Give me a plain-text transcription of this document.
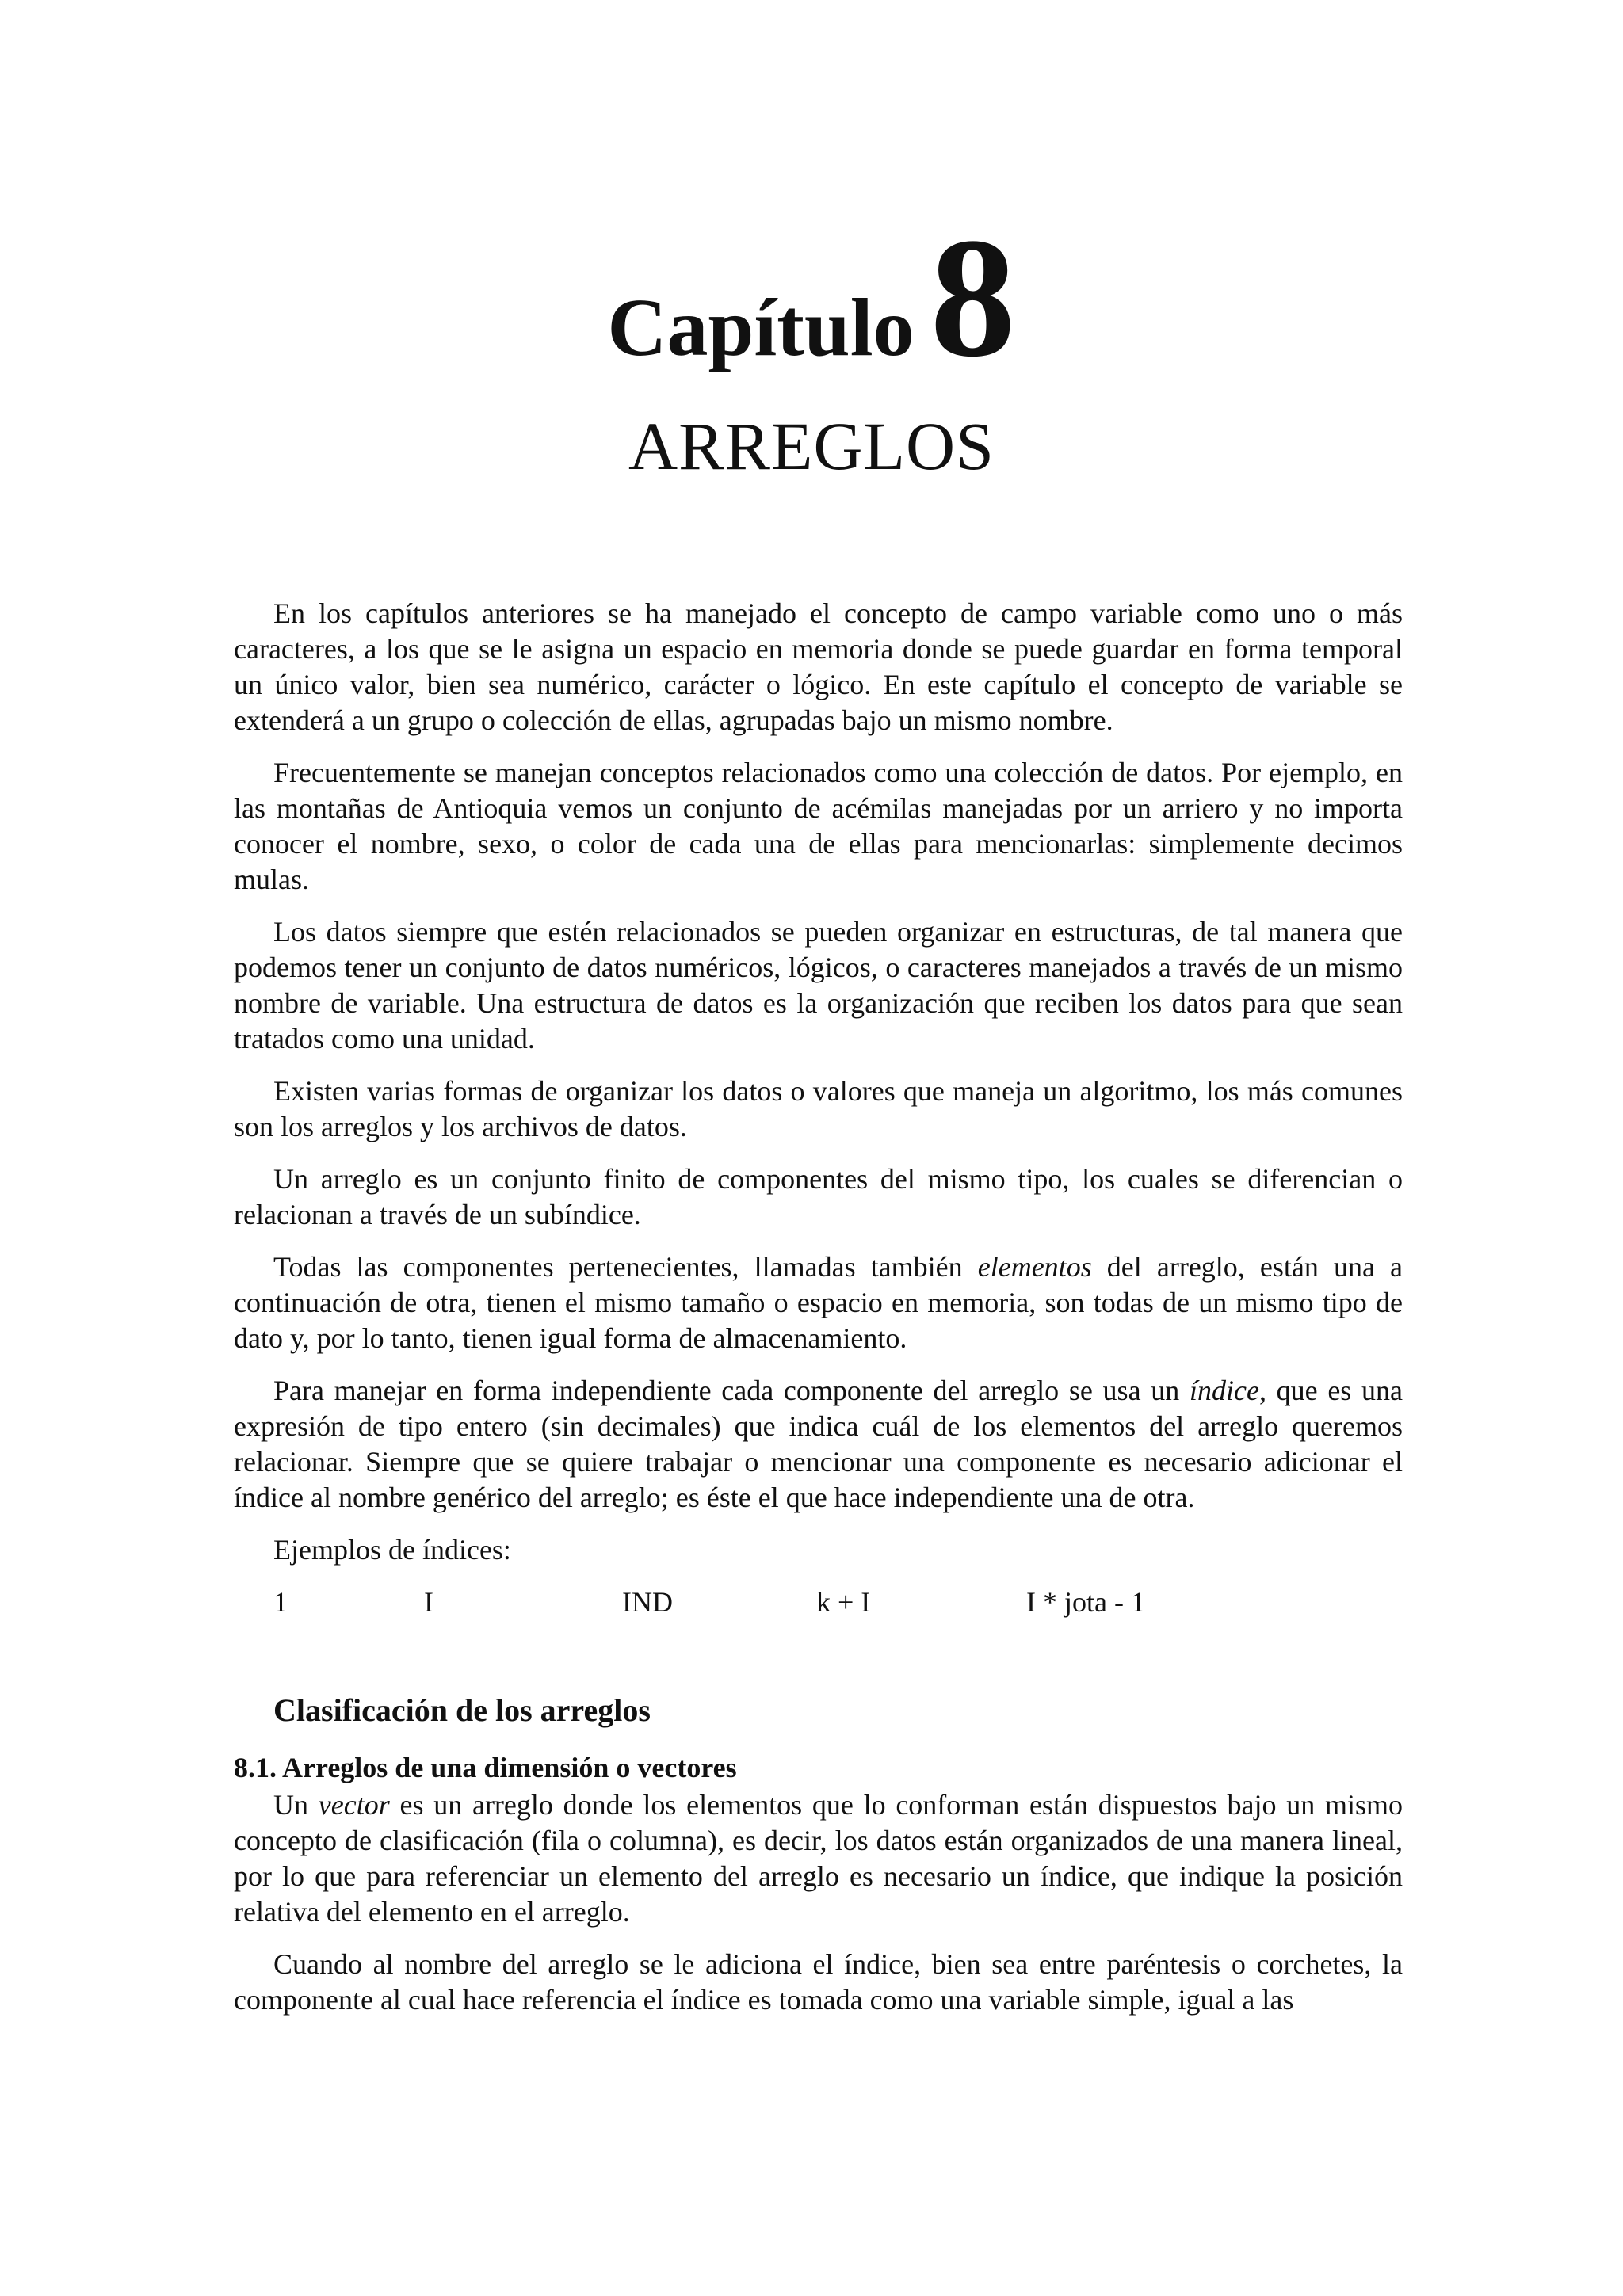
Capítulo8
ARREGLOS

En los capítulos anteriores se ha manejado el concepto de campo variable como uno o más caracteres, a los que se le asigna un espacio en memoria donde se puede guardar en forma temporal un único valor, bien sea numérico, carácter o lógico. En este capítulo el concepto de variable se extenderá a un grupo o colección de ellas, agrupadas bajo un mismo nombre.

Frecuentemente se manejan conceptos relacionados como una colección de datos. Por ejemplo, en las montañas de Antioquia vemos un conjunto de acémilas manejadas por un arriero y no importa conocer el nombre, sexo, o color de cada una de ellas para mencionarlas: simplemente decimos mulas.

Los datos siempre que estén relacionados se pueden organizar en estructuras, de tal manera que podemos tener un conjunto de datos numéricos, lógicos, o caracteres manejados a través de un mismo nombre de variable. Una estructura de datos es la organización que reciben los datos para que sean tratados como una unidad.

Existen varias formas de organizar los datos o valores que maneja un algoritmo, los más comunes son los arreglos y los archivos de datos.

Un arreglo es un conjunto finito de componentes del mismo tipo, los cuales se diferencian o relacionan a través de un subíndice.

Todas las componentes pertenecientes, llamadas también elementos del arreglo, están una a continuación de otra, tienen el mismo tamaño o espacio en memoria, son todas de un mismo tipo de dato y, por lo tanto, tienen igual forma de almacenamiento.

Para manejar en forma independiente cada componente del arreglo se usa un índice, que es una expresión de tipo entero (sin decimales) que indica cuál de los elementos del arreglo queremos relacionar. Siempre que se quiere trabajar o mencionar una componente es necesario adicionar el índice al nombre genérico del arreglo; es éste el que hace independiente una de otra.

Ejemplos de índices:

1	I	IND	k + I	I * jota - 1
Clasificación de los arreglos
8.1. Arreglos de una dimensión o vectores

Un vector es un arreglo donde los elementos que lo conforman están dispuestos bajo un mismo concepto de clasificación (fila o columna), es decir, los datos están organizados de una manera lineal, por lo que para referenciar un elemento del arreglo es necesario un índice, que indique la posición relativa del elemento en el arreglo.

Cuando al nombre del arreglo se le adiciona el índice, bien sea entre paréntesis o corchetes, la componente al cual hace referencia el índice es tomada como una variable simple, igual a las
